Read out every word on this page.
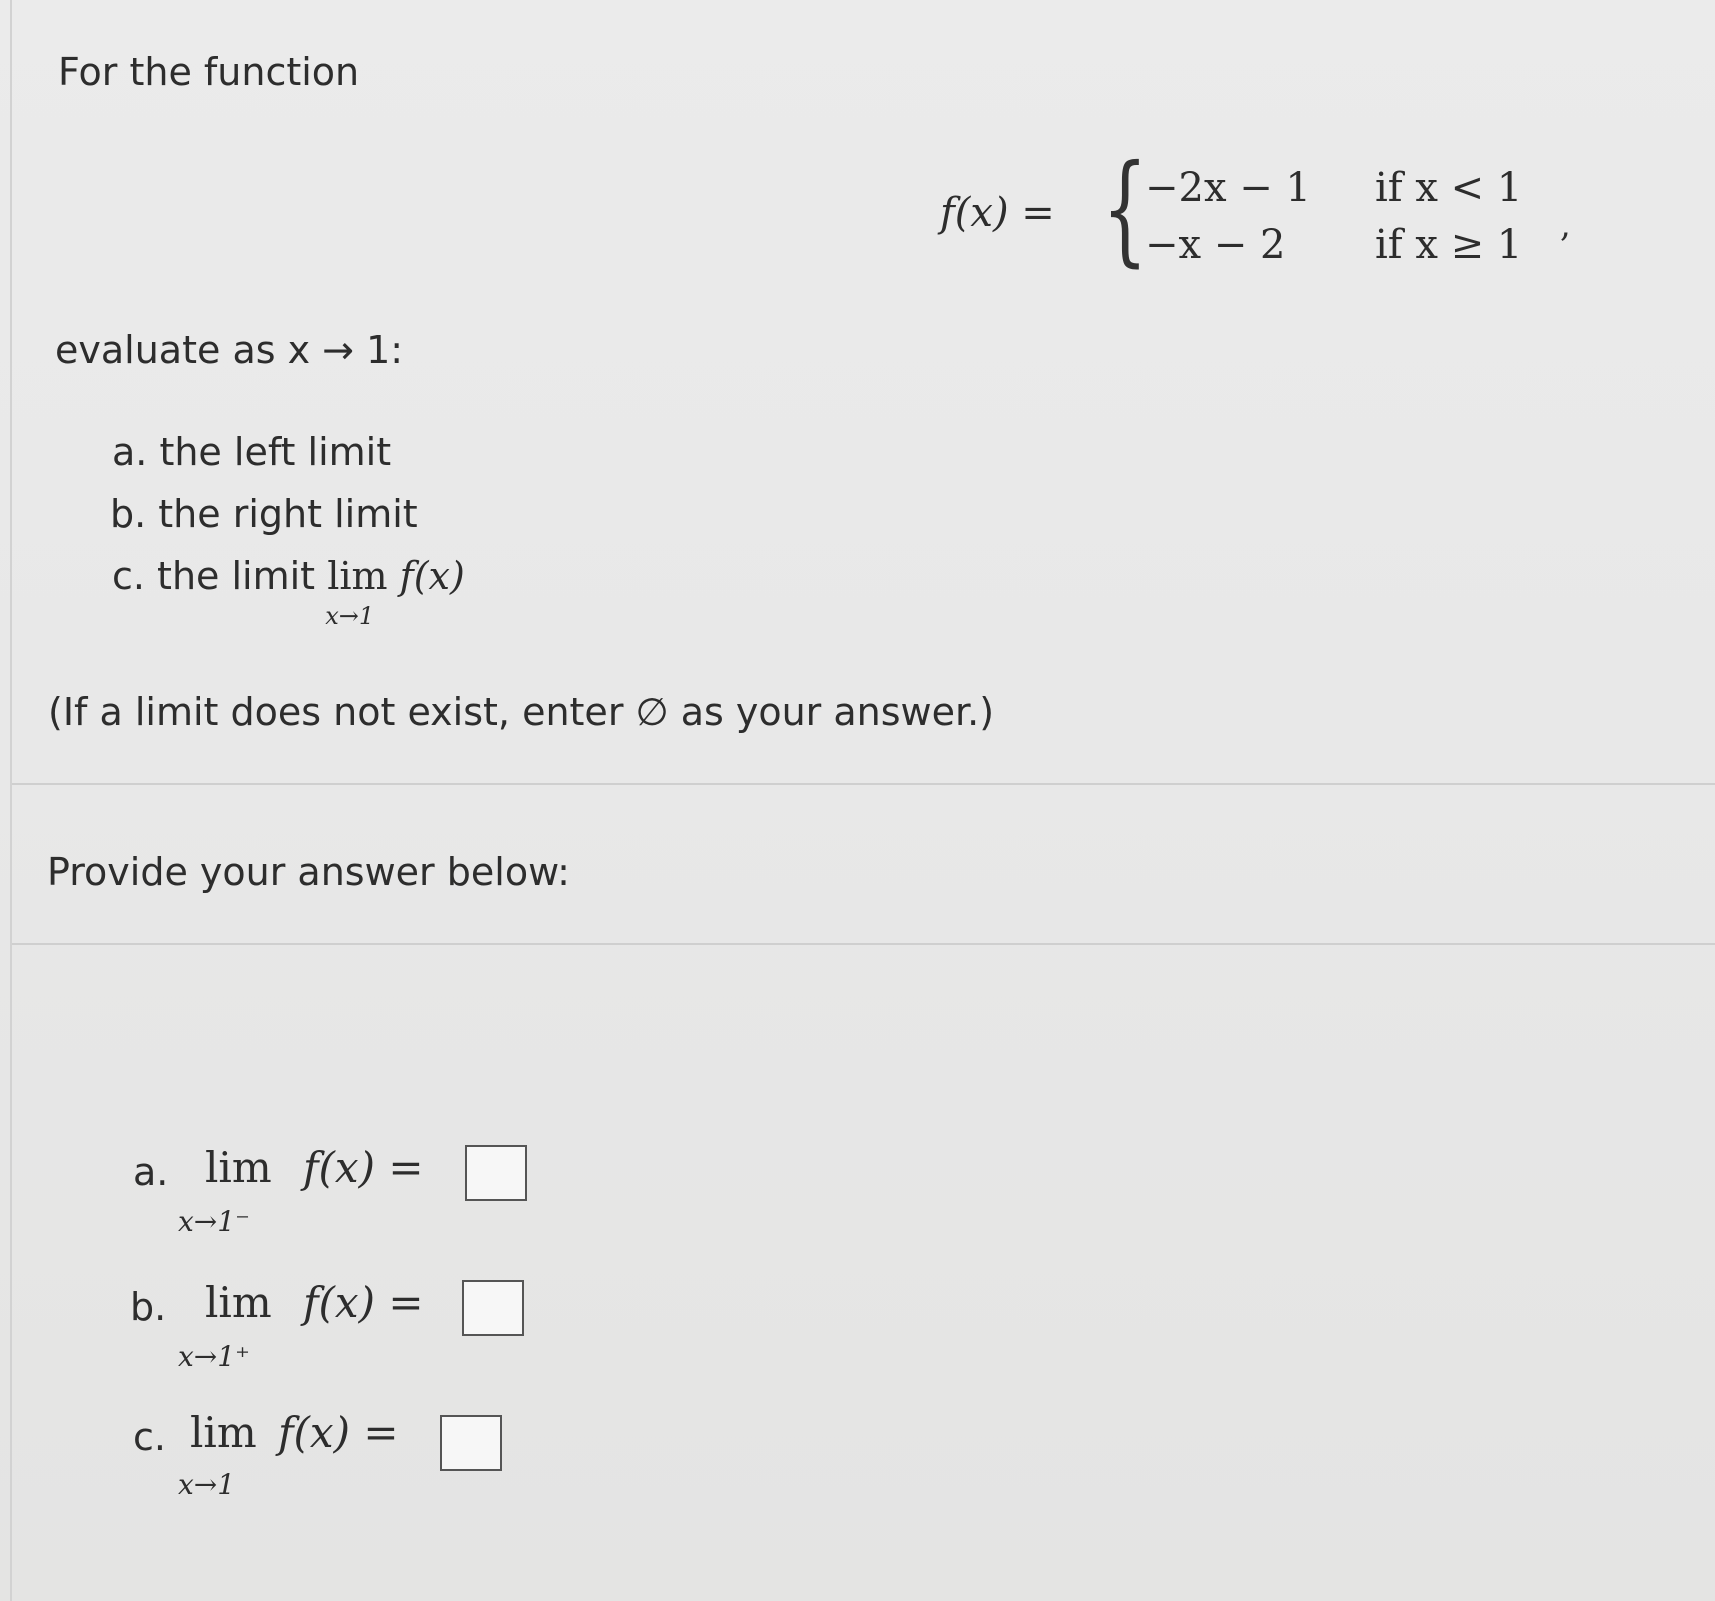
For the function
f(x) = {
−2x − 1 if x < 1
−x − 2 if x ≥ 1 ,
evaluate as x → 1:
a. the left limit
b. the right limit
c. the limit lim
x→1
f(x)
(If a limit does not exist, enter ∅ as your answer.)
Provide your answer below:
a. lim f(x) =
x→1⁻
b. lim f(x) =
x→1⁺
c. lim f(x) =
x→1
